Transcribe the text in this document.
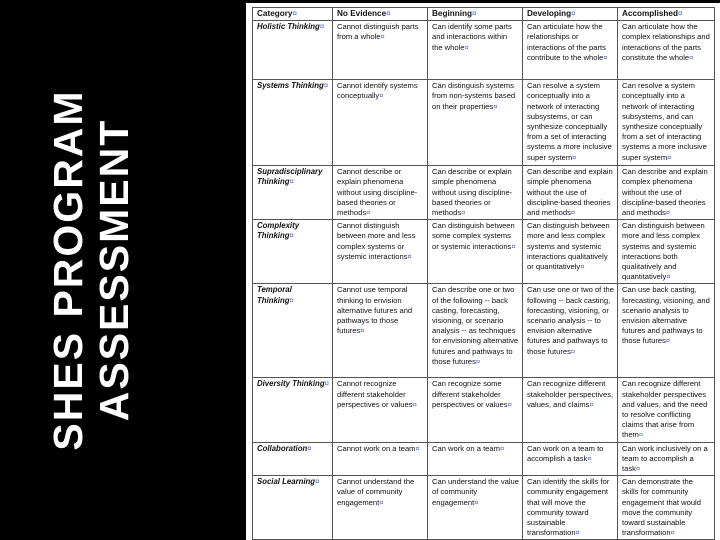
SHES PROGRAM ASSESSMENT
Category¤	No Evidence¤	Beginning¤	Developing¤	Accomplished¤
Holistic Thinking¤	Cannot distinguish parts from a whole¤	Can identify some parts and interactions within the whole¤	Can articulate how the relationships or interactions of the parts contribute to the whole¤	Can articulate how the complex relationships and interactions of the parts constitute the whole¤
Systems Thinking¤	Cannot identify systems conceptually¤	Can distinguish systems from non-systems based on their properties¤	Can resolve a system conceptually into a network of interacting subsystems, or can synthesize conceptually from a set of interacting systems a more inclusive super system¤	Can resolve a system conceptually into a network of interacting subsystems, and can synthesize conceptually from a set of interacting systems a more inclusive super system¤
Supradisciplinary Thinking¤	Cannot describe or explain phenomena without using discipline-based theories or methods¤	Can describe or explain simple phenomena without using discipline-based theories or methods¤	Can describe and explain simple phenomena without the use of discipline-based theories and methods¤	Can describe and explain complex phenomena without the use of discipline-based theories and methods¤
Complexity Thinking¤	Cannot distinguish between more and less complex systems or systemic interactions¤	Can distinguish between some complex systems or systemic interactions¤	Can distinguish between more and less complex systems and systemic interactions qualitatively or quantitatively¤	Can distinguish between more and less complex systems and systemic interactions both qualitatively and quantitatively¤
Temporal Thinking¤	Cannot use temporal thinking to envision alternative futures and pathways to those futures¤	Can describe one or two of the following -- back casting, forecasting, visioning, or scenario analysis -- as techniques for envisioning alternative futures and pathways to those futures¤	Can use one or two of the following -- back casting, forecasting, visioning, or scenario analysis -- to envision alternative futures and pathways to those futures¤	Can use back casting, forecasting, visioning, and scenario analysis to envision alternative futures and pathways to those futures¤
Diversity Thinking¤	Cannot recognize different stakeholder perspectives or values¤	Can recognize some different stakeholder perspectives or values¤	Can recognize different stakeholder perspectives, values, and claims¤	Can recognize different stakeholder perspectives and values, and the need to resolve conflicting claims that arise from them¤
Collaboration¤	Cannot work on a team¤	Can work on a team¤	Can work on a team to accomplish a task¤	Can work inclusively on a team to accomplish a task¤
Social Learning¤	Cannot understand the value of community engagement¤	Can understand the value of community engagement¤	Can identify the skills for community engagement that will move the community toward sustainable transformation¤	Can demonstrate the skills for community engagement that would move the community toward sustainable transformation¤
